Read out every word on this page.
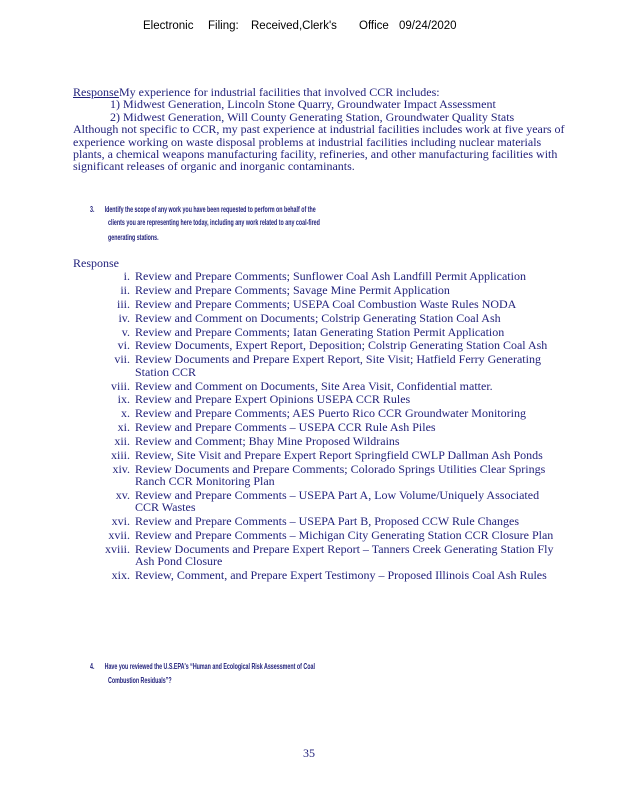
Electronic Filing: Received,Clerk's Office 09/24/2020
ResponseMy experience for industrial facilities that involved CCR includes:
1) Midwest Generation, Lincoln Stone Quarry, Groundwater Impact Assessment
2) Midwest Generation, Will County Generating Station, Groundwater Quality Stats
Although not specific to CCR, my past experience at industrial facilities includes work at five years of experience working on waste disposal problems at industrial facilities including nuclear materials plants, a chemical weapons manufacturing facility, refineries, and other manufacturing facilities with significant releases of organic and inorganic contaminants.
3. Identify the scope of any work you have been requested to perform on behalf of the
clients you are representing here today, including any work related to any coal-fired
generating stations.
Response
i. Review and Prepare Comments; Sunflower Coal Ash Landfill Permit Application
ii. Review and Prepare Comments; Savage Mine Permit Application
iii. Review and Prepare Comments; USEPA Coal Combustion Waste Rules NODA
iv. Review and Comment on Documents; Colstrip Generating Station Coal Ash
v. Review and Prepare Comments; Iatan Generating Station Permit Application
vi. Review Documents, Expert Report, Deposition; Colstrip Generating Station Coal Ash
vii. Review Documents and Prepare Expert Report, Site Visit; Hatfield Ferry Generating Station CCR
viii. Review and Comment on Documents, Site Area Visit, Confidential matter.
ix. Review and Prepare Expert Opinions USEPA CCR Rules
x. Review and Prepare Comments; AES Puerto Rico CCR Groundwater Monitoring
xi. Review and Prepare Comments – USEPA CCR Rule Ash Piles
xii. Review and Comment; Bhay Mine Proposed Wildrains
xiii. Review, Site Visit and Prepare Expert Report Springfield CWLP Dallman Ash Ponds
xiv. Review Documents and Prepare Comments; Colorado Springs Utilities Clear Springs Ranch CCR Monitoring Plan
xv. Review and Prepare Comments – USEPA Part A, Low Volume/Uniquely Associated CCR Wastes
xvi. Review and Prepare Comments – USEPA Part B, Proposed CCW Rule Changes
xvii. Review and Prepare Comments – Michigan City Generating Station CCR Closure Plan
xviii. Review Documents and Prepare Expert Report – Tanners Creek Generating Station Fly Ash Pond Closure
xix. Review, Comment, and Prepare Expert Testimony – Proposed Illinois Coal Ash Rules
4. Have you reviewed the U.S.EPA's “Human and Ecological Risk Assessment of Coal
Combustion Residuals”?
35
